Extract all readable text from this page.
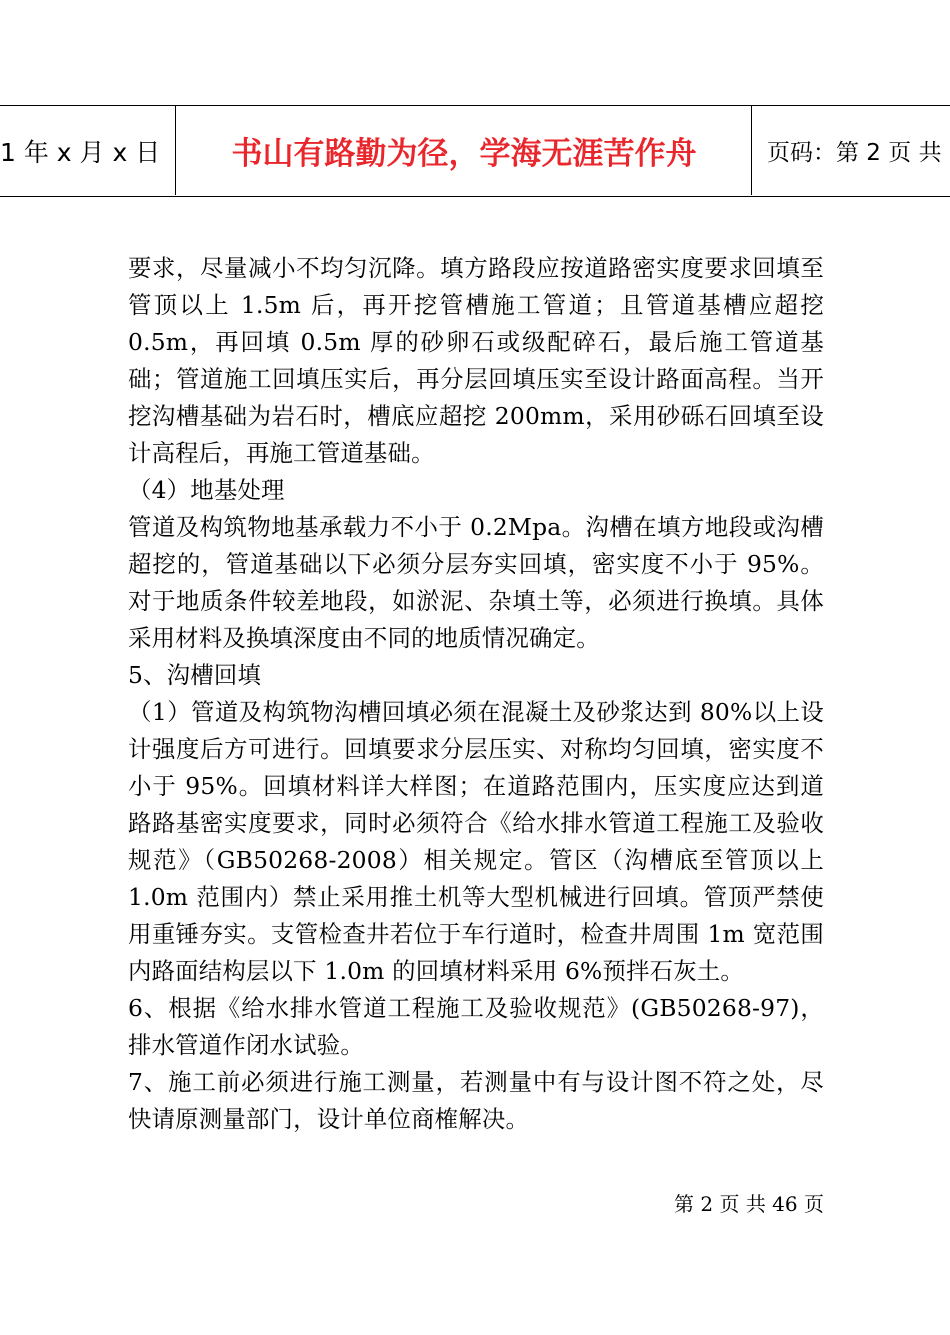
1 年 x 月 x 日	书山有路勤为径，学海无涯苦作舟	页码：第 2 页 共

要求，尽量减小不均匀沉降。填方路段应按道路密实度要求回填至管顶以上 1.5m 后，再开挖管槽施工管道；且管道基槽应超挖 0.5m，再回填 0.5m 厚的砂卵石或级配碎石，最后施工管道基础；管道施工回填压实后，再分层回填压实至设计路面高程。当开挖沟槽基础为岩石时，槽底应超挖 200mm，采用砂砾石回填至设计高程后，再施工管道基础。

（4）地基处理

管道及构筑物地基承载力不小于 0.2Mpa。沟槽在填方地段或沟槽超挖的，管道基础以下必须分层夯实回填，密实度不小于 95%。对于地质条件较差地段，如淤泥、杂填土等，必须进行换填。具体采用材料及换填深度由不同的地质情况确定。

5、沟槽回填

（1）管道及构筑物沟槽回填必须在混凝土及砂浆达到 80%以上设计强度后方可进行。回填要求分层压实、对称均匀回填，密实度不小于 95%。回填材料详大样图；在道路范围内，压实度应达到道路路基密实度要求，同时必须符合《给水排水管道工程施工及验收规范》（GB50268-2008）相关规定。管区（沟槽底至管顶以上 1.0m 范围内）禁止采用推土机等大型机械进行回填。管顶严禁使用重锤夯实。支管检查井若位于车行道时，检查井周围 1m 宽范围内路面结构层以下 1.0m 的回填材料采用 6%预拌石灰土。

6、根据《给水排水管道工程施工及验收规范》(GB50268-97)，排水管道作闭水试验。

7、施工前必须进行施工测量，若测量中有与设计图不符之处，尽快请原测量部门，设计单位商榷解决。

第 2 页 共 46 页
